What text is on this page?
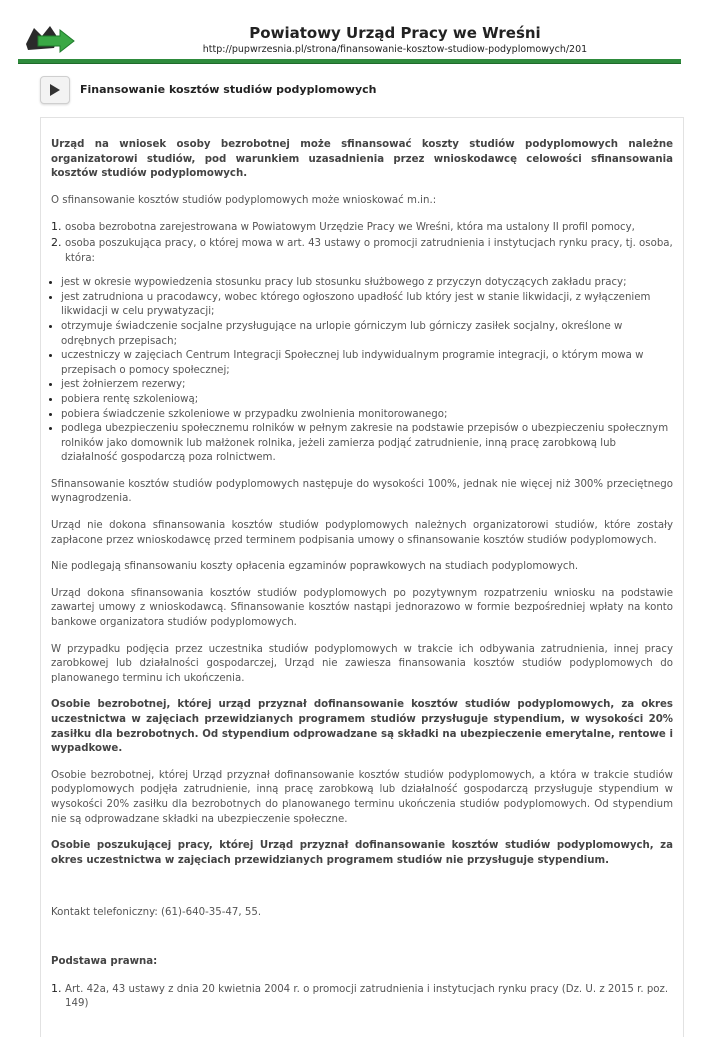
Powiatowy Urząd Pracy we Wreśni
http://pupwrzesnia.pl/strona/finansowanie-kosztow-studiow-podyplomowych/201
Finansowanie kosztów studiów podyplomowych

Urząd na wniosek osoby bezrobotnej może sfinansować koszty studiów podyplomowych należne organizatorowi studiów, pod warunkiem uzasadnienia przez wnioskodawcę celowości sfinansowania kosztów studiów podyplomowych.

O sfinansowanie kosztów studiów podyplomowych może wnioskować m.in.:

1. osoba bezrobotna zarejestrowana w Powiatowym Urzędzie Pracy we Wreśni, która ma ustalony II profil pomocy,
2. osoba poszukująca pracy, o której mowa w art. 43 ustawy o promocji zatrudnienia i instytucjach rynku pracy, tj. osoba, która:
• jest w okresie wypowiedzenia stosunku pracy lub stosunku służbowego z przyczyn dotyczących zakładu pracy;
• jest zatrudniona u pracodawcy, wobec którego ogłoszono upadłość lub który jest w stanie likwidacji, z wyłączeniem likwidacji w celu prywatyzacji;
• otrzymuje świadczenie socjalne przysługujące na urlopie górniczym lub górniczy zasiłek socjalny, określone w odrębnych przepisach;
• uczestniczy w zajęciach Centrum Integracji Społecznej lub indywidualnym programie integracji, o którym mowa w przepisach o pomocy społecznej;
• jest żołnierzem rezerwy;
• pobiera rentę szkoleniową;
• pobiera świadczenie szkoleniowe w przypadku zwolnienia monitorowanego;
• podlega ubezpieczeniu społecznemu rolników w pełnym zakresie na podstawie przepisów o ubezpieczeniu społecznym rolników jako domownik lub małżonek rolnika, jeżeli zamierza podjąć zatrudnienie, inną pracę zarobkową lub działalność gospodarczą poza rolnictwem.

Sfinansowanie kosztów studiów podyplomowych następuje do wysokości 100%, jednak nie więcej niż 300% przeciętnego wynagrodzenia.

Urząd nie dokona sfinansowania kosztów studiów podyplomowych należnych organizatorowi studiów, które zostały zapłacone przez wnioskodawcę przed terminem podpisania umowy o sfinansowanie kosztów studiów podyplomowych.

Nie podlegają sfinansowaniu koszty opłacenia egzaminów poprawkowych na studiach podyplomowych.

Urząd dokona sfinansowania kosztów studiów podyplomowych po pozytywnym rozpatrzeniu wniosku na podstawie zawartej umowy z wnioskodawcą. Sfinansowanie kosztów nastąpi jednorazowo w formie bezpośredniej wpłaty na konto bankowe organizatora studiów podyplomowych.

W przypadku podjęcia przez uczestnika studiów podyplomowych w trakcie ich odbywania zatrudnienia, innej pracy zarobkowej lub działalności gospodarczej, Urząd nie zawiesza finansowania kosztów studiów podyplomowych do planowanego terminu ich ukończenia.

Osobie bezrobotnej, której urząd przyznał dofinansowanie kosztów studiów podyplomowych, za okres uczestnictwa w zajęciach przewidzianych programem studiów przysługuje stypendium, w wysokości 20% zasiłku dla bezrobotnych. Od stypendium odprowadzane są składki na ubezpieczenie emerytalne, rentowe i wypadkowe.

Osobie bezrobotnej, której Urząd przyznał dofinansowanie kosztów studiów podyplomowych, a która w trakcie studiów podyplomowych podjęła zatrudnienie, inną pracę zarobkową lub działalność gospodarczą przysługuje stypendium w wysokości 20% zasiłku dla bezrobotnych do planowanego terminu ukończenia studiów podyplomowych. Od stypendium nie są odprowadzane składki na ubezpieczenie społeczne.

Osobie poszukującej pracy, której Urząd przyznał dofinansowanie kosztów studiów podyplomowych, za okres uczestnictwa w zajęciach przewidzianych programem studiów nie przysługuje stypendium.

Kontakt telefoniczny: (61)-640-35-47, 55.

Podstawa prawna:

1. Art. 42a, 43 ustawy z dnia 20 kwietnia 2004 r. o promocji zatrudnienia i instytucjach rynku pracy (Dz. U. z 2015 r. poz. 149)
